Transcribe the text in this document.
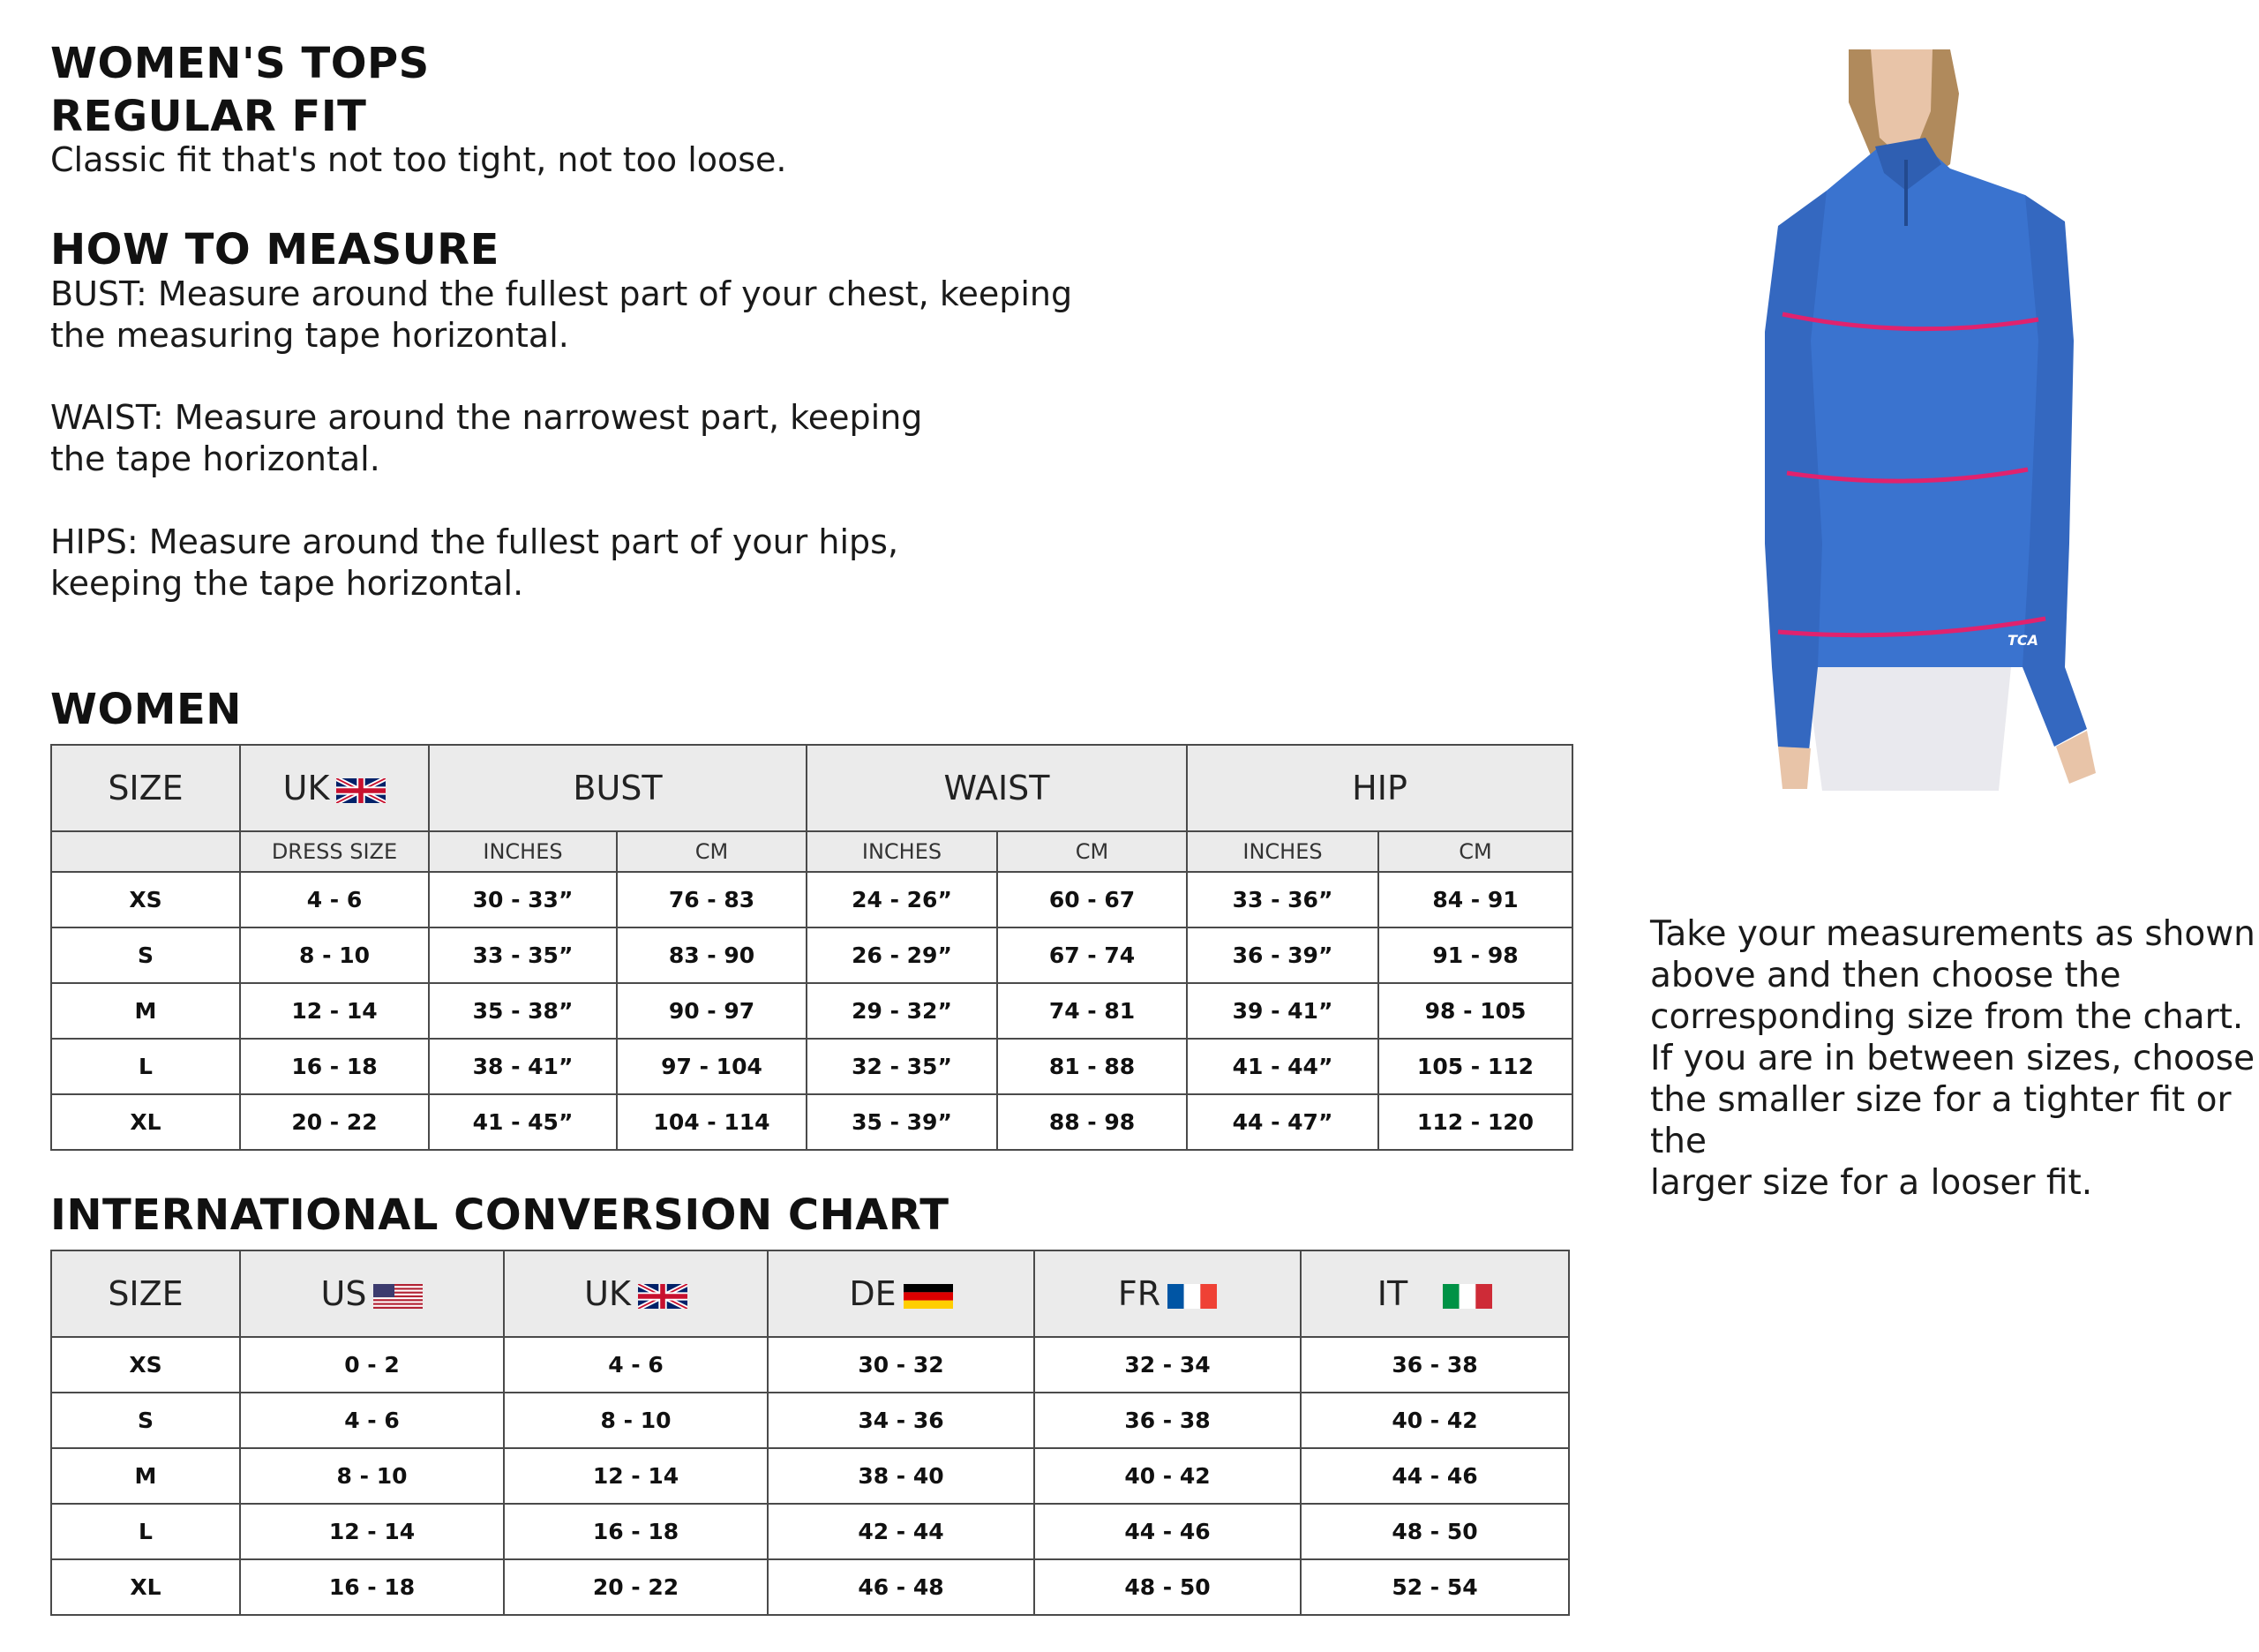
WOMEN'S TOPS
REGULAR FIT
Classic fit that's not too tight, not too loose.
HOW TO MEASURE
BUST: Measure around the fullest part of your chest, keeping
the measuring tape horizontal.
WAIST: Measure around the narrowest part, keeping
the tape horizontal.
HIPS: Measure around the fullest part of your hips,
keeping the tape horizontal.
WOMEN
SIZE	UK	BUST		WAIST		HIP	
	DRESS SIZE	INCHES	CM	INCHES	CM	INCHES	CM
XS	4 - 6	30 - 33”	76 - 83	24 - 26”	60 - 67	33 - 36”	84 - 91
S	8 - 10	33 - 35”	83 - 90	26 - 29”	67 - 74	36 - 39”	91 - 98
M	12 - 14	35 - 38”	90 - 97	29 - 32”	74 - 81	39 - 41”	98 - 105
L	16 - 18	38 - 41”	97 - 104	32 - 35”	81 - 88	41 - 44”	105 - 112
XL	20 - 22	41 - 45”	104 - 114	35 - 39”	88 - 98	44 - 47”	112 - 120
INTERNATIONAL CONVERSION CHART
SIZE	US	UK	DE	FR	IT

XS	0 - 2	4 - 6	30 - 32	32 - 34	36 - 38
S	4 - 6	8 - 10	34 - 36	36 - 38	40 - 42
M	8 - 10	12 - 14	38 - 40	40 - 42	44 - 46
L	12 - 14	16 - 18	42 - 44	44 - 46	48 - 50
XL	16 - 18	20 - 22	46 - 48	48 - 50	52 - 54
TCA
Take your measurements as shown
above and then choose the
corresponding size from the chart.
If you are in between sizes, choose
the smaller size for a tighter fit or the
larger size for a looser fit.
